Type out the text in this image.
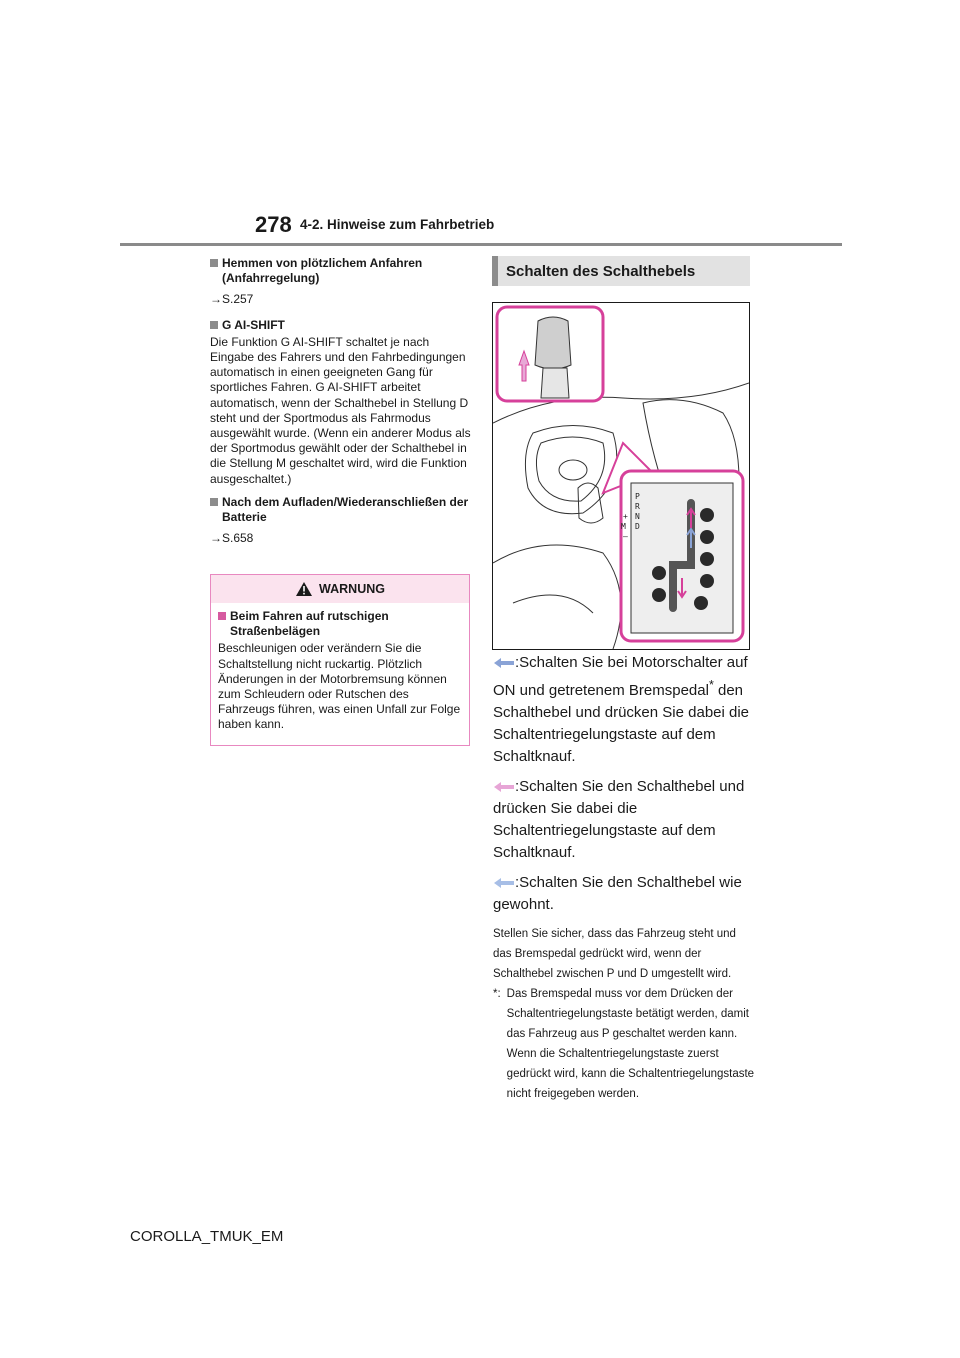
278 4-2. Hinweise zum Fahrbetrieb
Hemmen von plötzlichem Anfahren (Anfahrregelung)
→S.257
G AI-SHIFT

Die Funktion G AI-SHIFT schaltet je nach Eingabe des Fahrers und den Fahrbedingungen automatisch in einen geeigneten Gang für sportliches Fahren. G AI-SHIFT arbeitet automatisch, wenn der Schalthebel in Stellung D steht und der Sportmodus als Fahrmodus ausgewählt wurde. (Wenn ein anderer Modus als der Sportmodus gewählt oder der Schalthebel in die Stellung M geschaltet wird, wird die Funktion ausgeschaltet.)

Nach dem Aufladen/Wiederanschließen der Batterie
→S.658
WARNUNG
Beim Fahren auf rutschigen Straßenbelägen

Beschleunigen oder verändern Sie die Schaltstellung nicht ruckartig. Plötzlich Änderungen in der Motorbremsung können zum Schleudern oder Rutschen des Fahrzeugs führen, was einen Unfall zur Folge haben kann.

Schalten des Schalthebels
P
R
N
D
+
M
–

:Schalten Sie bei Motorschalter auf ON und getretenem Bremspedal* den Schalthebel und drücken Sie dabei die Schaltentriegelungstaste auf dem Schaltknauf.

:Schalten Sie den Schalthebel und drücken Sie dabei die Schaltentriegelungstaste auf dem Schaltknauf.

:Schalten Sie den Schalthebel wie gewohnt.

Stellen Sie sicher, dass das Fahrzeug steht und das Bremspedal gedrückt wird, wenn der Schalthebel zwischen P und D umgestellt wird.

*: Das Bremspedal muss vor dem Drücken der Schaltentriegelungstaste betätigt werden, damit das Fahrzeug aus P geschaltet werden kann. Wenn die Schaltentriegelungstaste zuerst gedrückt wird, kann die Schaltentriegelungstaste nicht freigegeben werden.
COROLLA_TMUK_EM
